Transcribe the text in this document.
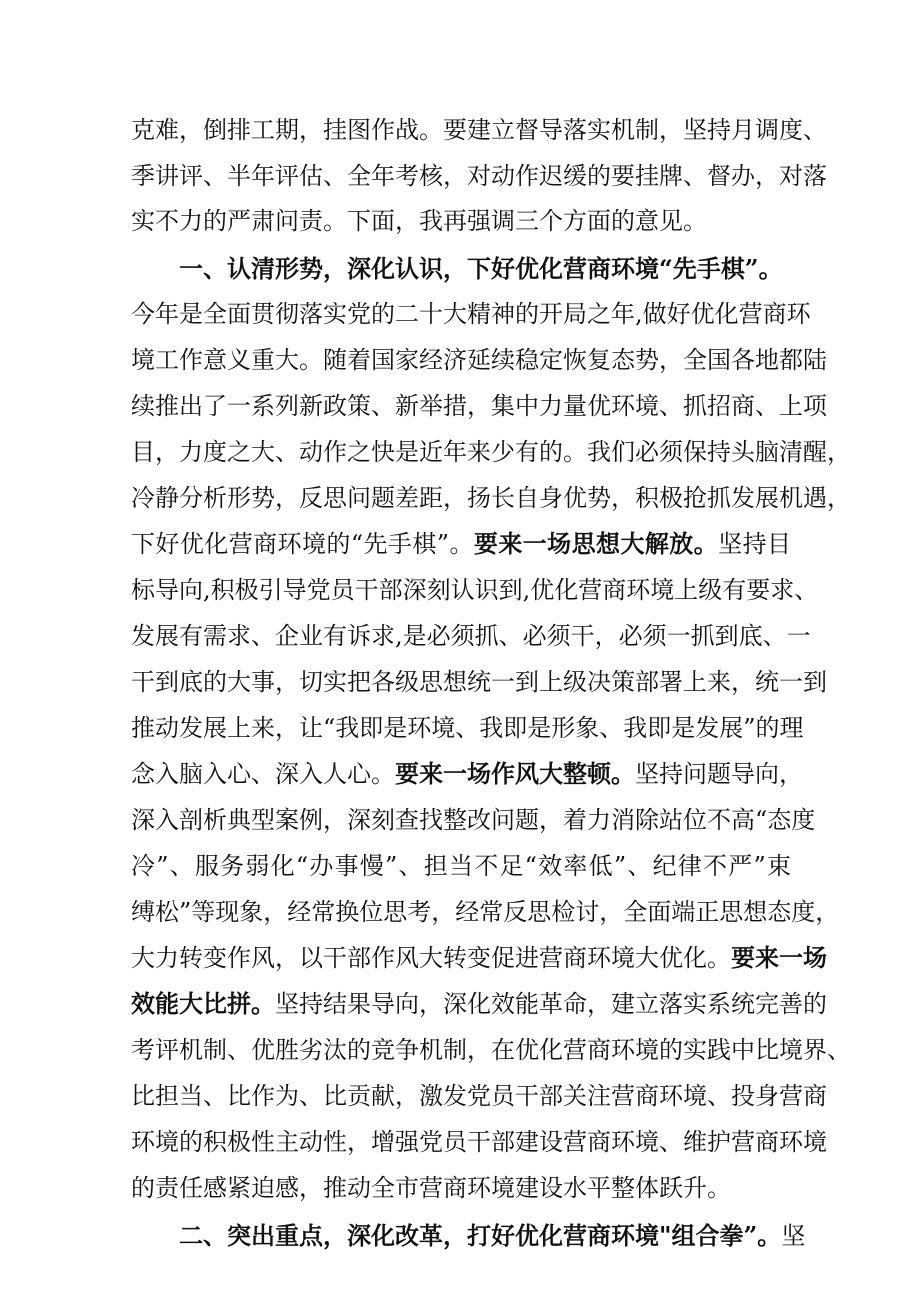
克难，倒排工期，挂图作战。要建立督导落实机制，坚持月调度、
季讲评、半年评估、全年考核，对动作迟缓的要挂牌、督办，对落
实不力的严肃问责。下面，我再强调三个方面的意见。
一、认清形势，深化认识，下好优化营商环境“先手棋”。
今年是全面贯彻落实党的二十大精神的开局之年,做好优化营商环
境工作意义重大。随着国家经济延续稳定恢复态势，全国各地都陆
续推出了一系列新政策、新举措，集中力量优环境、抓招商、上项
目，力度之大、动作之快是近年来少有的。我们必须保持头脑清醒，
冷静分析形势，反思问题差距，扬长自身优势，积极抢抓发展机遇，
下好优化营商环境的“先手棋”。要来一场思想大解放。坚持目
标导向,积极引导党员干部深刻认识到,优化营商环境上级有要求、
发展有需求、企业有诉求,是必须抓、必须干，必须一抓到底、一
干到底的大事，切实把各级思想统一到上级决策部署上来，统一到
推动发展上来，让“我即是环境、我即是形象、我即是发展”的理
念入脑入心、深入人心。要来一场作风大整顿。坚持问题导向，
深入剖析典型案例，深刻查找整改问题，着力消除站位不高“态度
冷”、服务弱化“办事慢”、担当不足“效率低”、纪律不严”束
缚松”等现象，经常换位思考，经常反思检讨，全面端正思想态度，
大力转变作风，以干部作风大转变促进营商环境大优化。要来一场
效能大比拼。坚持结果导向，深化效能革命，建立落实系统完善的
考评机制、优胜劣汰的竞争机制，在优化营商环境的实践中比境界、
比担当、比作为、比贡献，激发党员干部关注营商环境、投身营商
环境的积极性主动性，增强党员干部建设营商环境、维护营商环境
的责任感紧迫感，推动全市营商环境建设水平整体跃升。
二、突出重点，深化改革，打好优化营商环境"组合拳”。坚
